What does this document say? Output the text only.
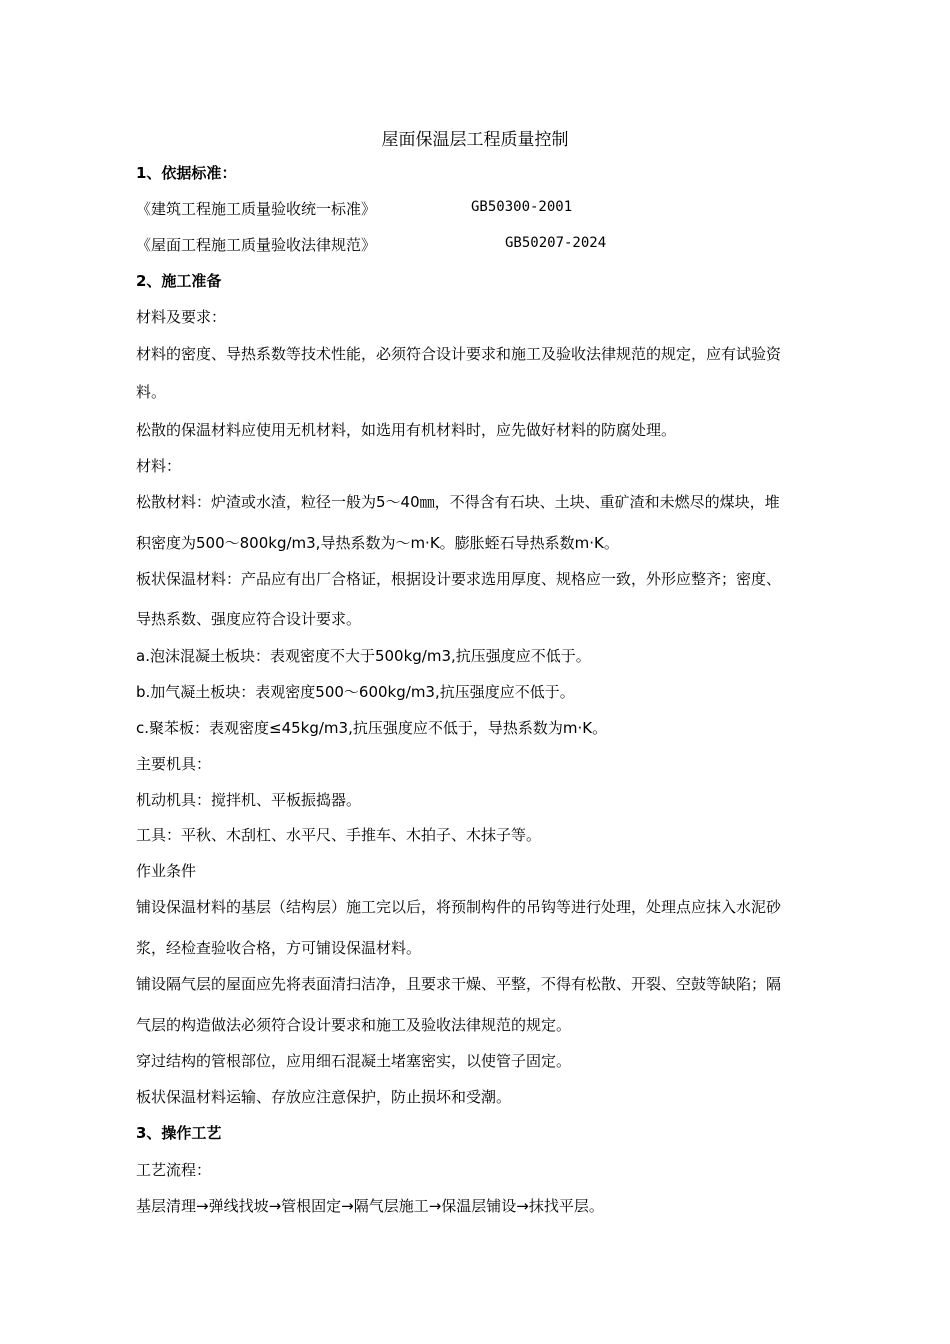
屋面保温层工程质量控制
1、依据标准：
《建筑工程施工质量验收统一标准》	GB50300-2001
《屋面工程施工质量验收法律规范》	GB50207-2024
2、施工准备
材料及要求：
材料的密度、导热系数等技术性能，必须符合设计要求和施工及验收法律规范的规定，应有试验资
料。
松散的保温材料应使用无机材料，如选用有机材料时，应先做好材料的防腐处理。
材料：
松散材料：炉渣或水渣，粒径一般为5～40㎜，不得含有石块、土块、重矿渣和未燃尽的煤块，堆
积密度为500～800kg/m3,导热系数为～m·K。膨胀蛭石导热系数m·K。
板状保温材料：产品应有出厂合格证，根据设计要求选用厚度、规格应一致，外形应整齐；密度、
导热系数、强度应符合设计要求。
a.泡沫混凝土板块：表观密度不大于500kg/m3,抗压强度应不低于。
b.加气凝土板块：表观密度500～600kg/m3,抗压强度应不低于。
c.聚苯板：表观密度≤45kg/m3,抗压强度应不低于，导热系数为m·K。
主要机具：
机动机具：搅拌机、平板振捣器。
工具：平秋、木刮杠、水平尺、手推车、木拍子、木抹子等。
作业条件
铺设保温材料的基层（结构层）施工完以后，将预制构件的吊钩等进行处理，处理点应抹入水泥砂
浆，经检查验收合格，方可铺设保温材料。
铺设隔气层的屋面应先将表面清扫洁净，且要求干燥、平整，不得有松散、开裂、空鼓等缺陷；隔
气层的构造做法必须符合设计要求和施工及验收法律规范的规定。
穿过结构的管根部位，应用细石混凝土堵塞密实，以使管子固定。
板状保温材料运输、存放应注意保护，防止损坏和受潮。
3、操作工艺
工艺流程：
基层清理→弹线找坡→管根固定→隔气层施工→保温层铺设→抹找平层。
